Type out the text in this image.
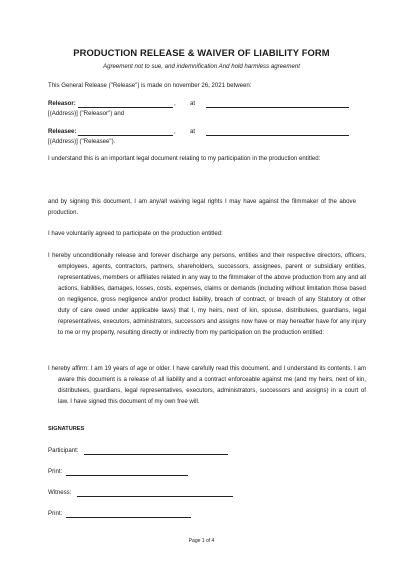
PRODUCTION RELEASE & WAIVER OF LIABILITY FORM
Agreement not to sue, and indemnification And hold harmless agreement
This General Release ("Release") is made on november 26, 2021 between:
Releasor:	, at
[(Address)] ("Releasor") and
Releasee:	, at
[(Address)] ("Releasee").
I understand this is an important legal document relating to my participation in the production entitled:
and by signing this document, I am any/all waiving legal rights I may have against the filmmaker of the above production.
I have voluntarily agreed to participate on the production entitled:
I hereby unconditionally release and forever discharge any persons, entities and their respective directors, officers, employees, agents, contractors, partners, shareholders, successors, assignees, parent or subsidiary entities, representatives, members or affiliates related in any way to the filmmaker of the above production from any and all actions, liabilities, damages, losses, costs, expenses, claims or demands (including without limitation those based on negligence, gross negligence and/or product liability, breach of contract, or breach of any Statutory ot other duty of care owed under applicable laws) that I, my heirs, next of kin, spouse, distributees, guardians, legal representatives, executors, administrators, successors and assigns now have or may hereafter have for any injury to me or my property, resulting directly or indirectly from my participation on the production entitled:
I hereby affirm: I am 19 years of age or older. I have carefully read this document, and I understand its contents. I am aware this document is a release of all liability and a contract enforceable against me (and my heirs, next of kin, distributees, guardians, legal representatives, executors, administrators, successors and assigns) in a court of law. I have signed this document of my own free will.
SIGNATURES
Participant:
Print:
Witness:
Print:
Page 1 of 4
